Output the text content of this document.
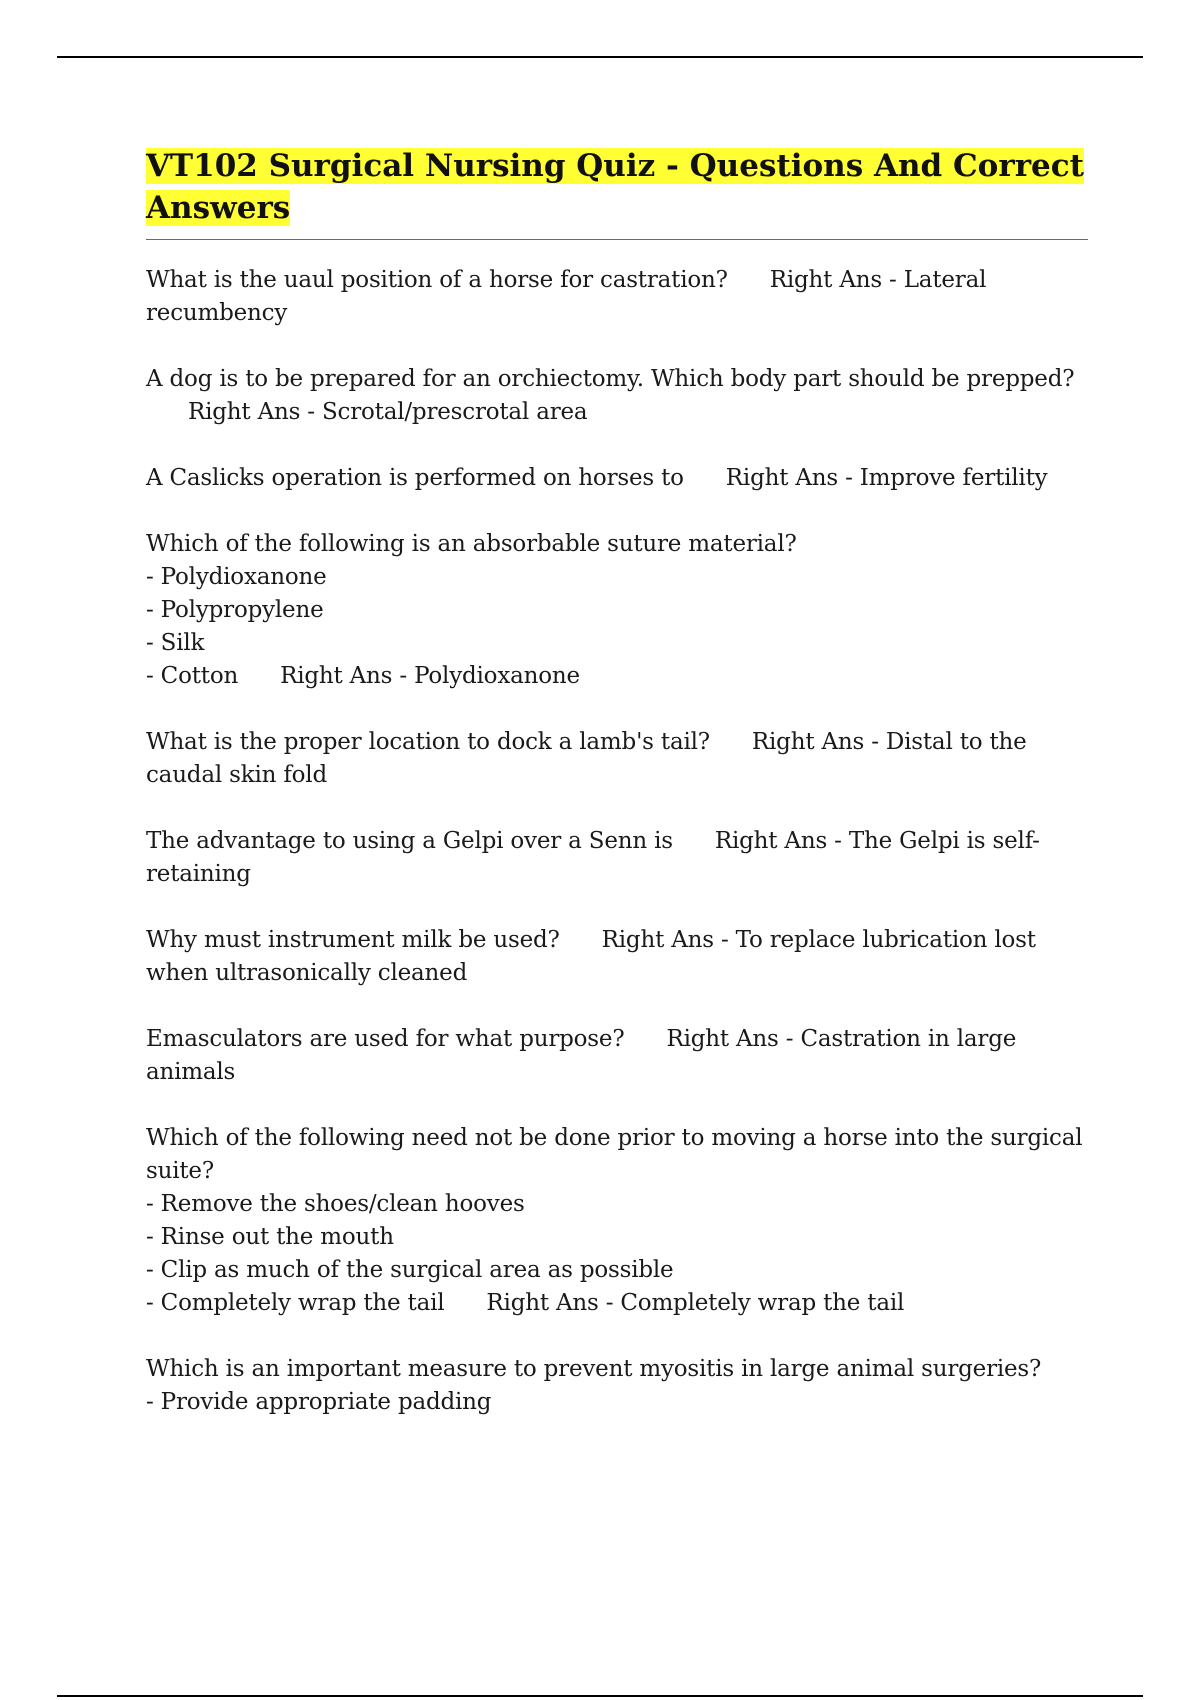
VT102 Surgical Nursing Quiz - Questions And Correct Answers
What is the uaul position of a horse for castration? Right Ans - Lateral recumbency
A dog is to be prepared for an orchiectomy. Which body part should be prepped?Right Ans - Scrotal/prescrotal area
A Caslicks operation is performed on horses to Right Ans - Improve fertility
Which of the following is an absorbable suture material?
- Polydioxanone
- Polypropylene
- Silk
- Cotton Right Ans - Polydioxanone
What is the proper location to dock a lamb's tail? Right Ans - Distal to the caudal skin fold
The advantage to using a Gelpi over a Senn is Right Ans - The Gelpi is self-retaining
Why must instrument milk be used? Right Ans - To replace lubrication lost when ultrasonically cleaned
Emasculators are used for what purpose? Right Ans - Castration in large animals
Which of the following need not be done prior to moving a horse into the surgical suite?
- Remove the shoes/clean hooves
- Rinse out the mouth
- Clip as much of the surgical area as possible
- Completely wrap the tail Right Ans - Completely wrap the tail
Which is an important measure to prevent myositis in large animal surgeries?
- Provide appropriate padding
